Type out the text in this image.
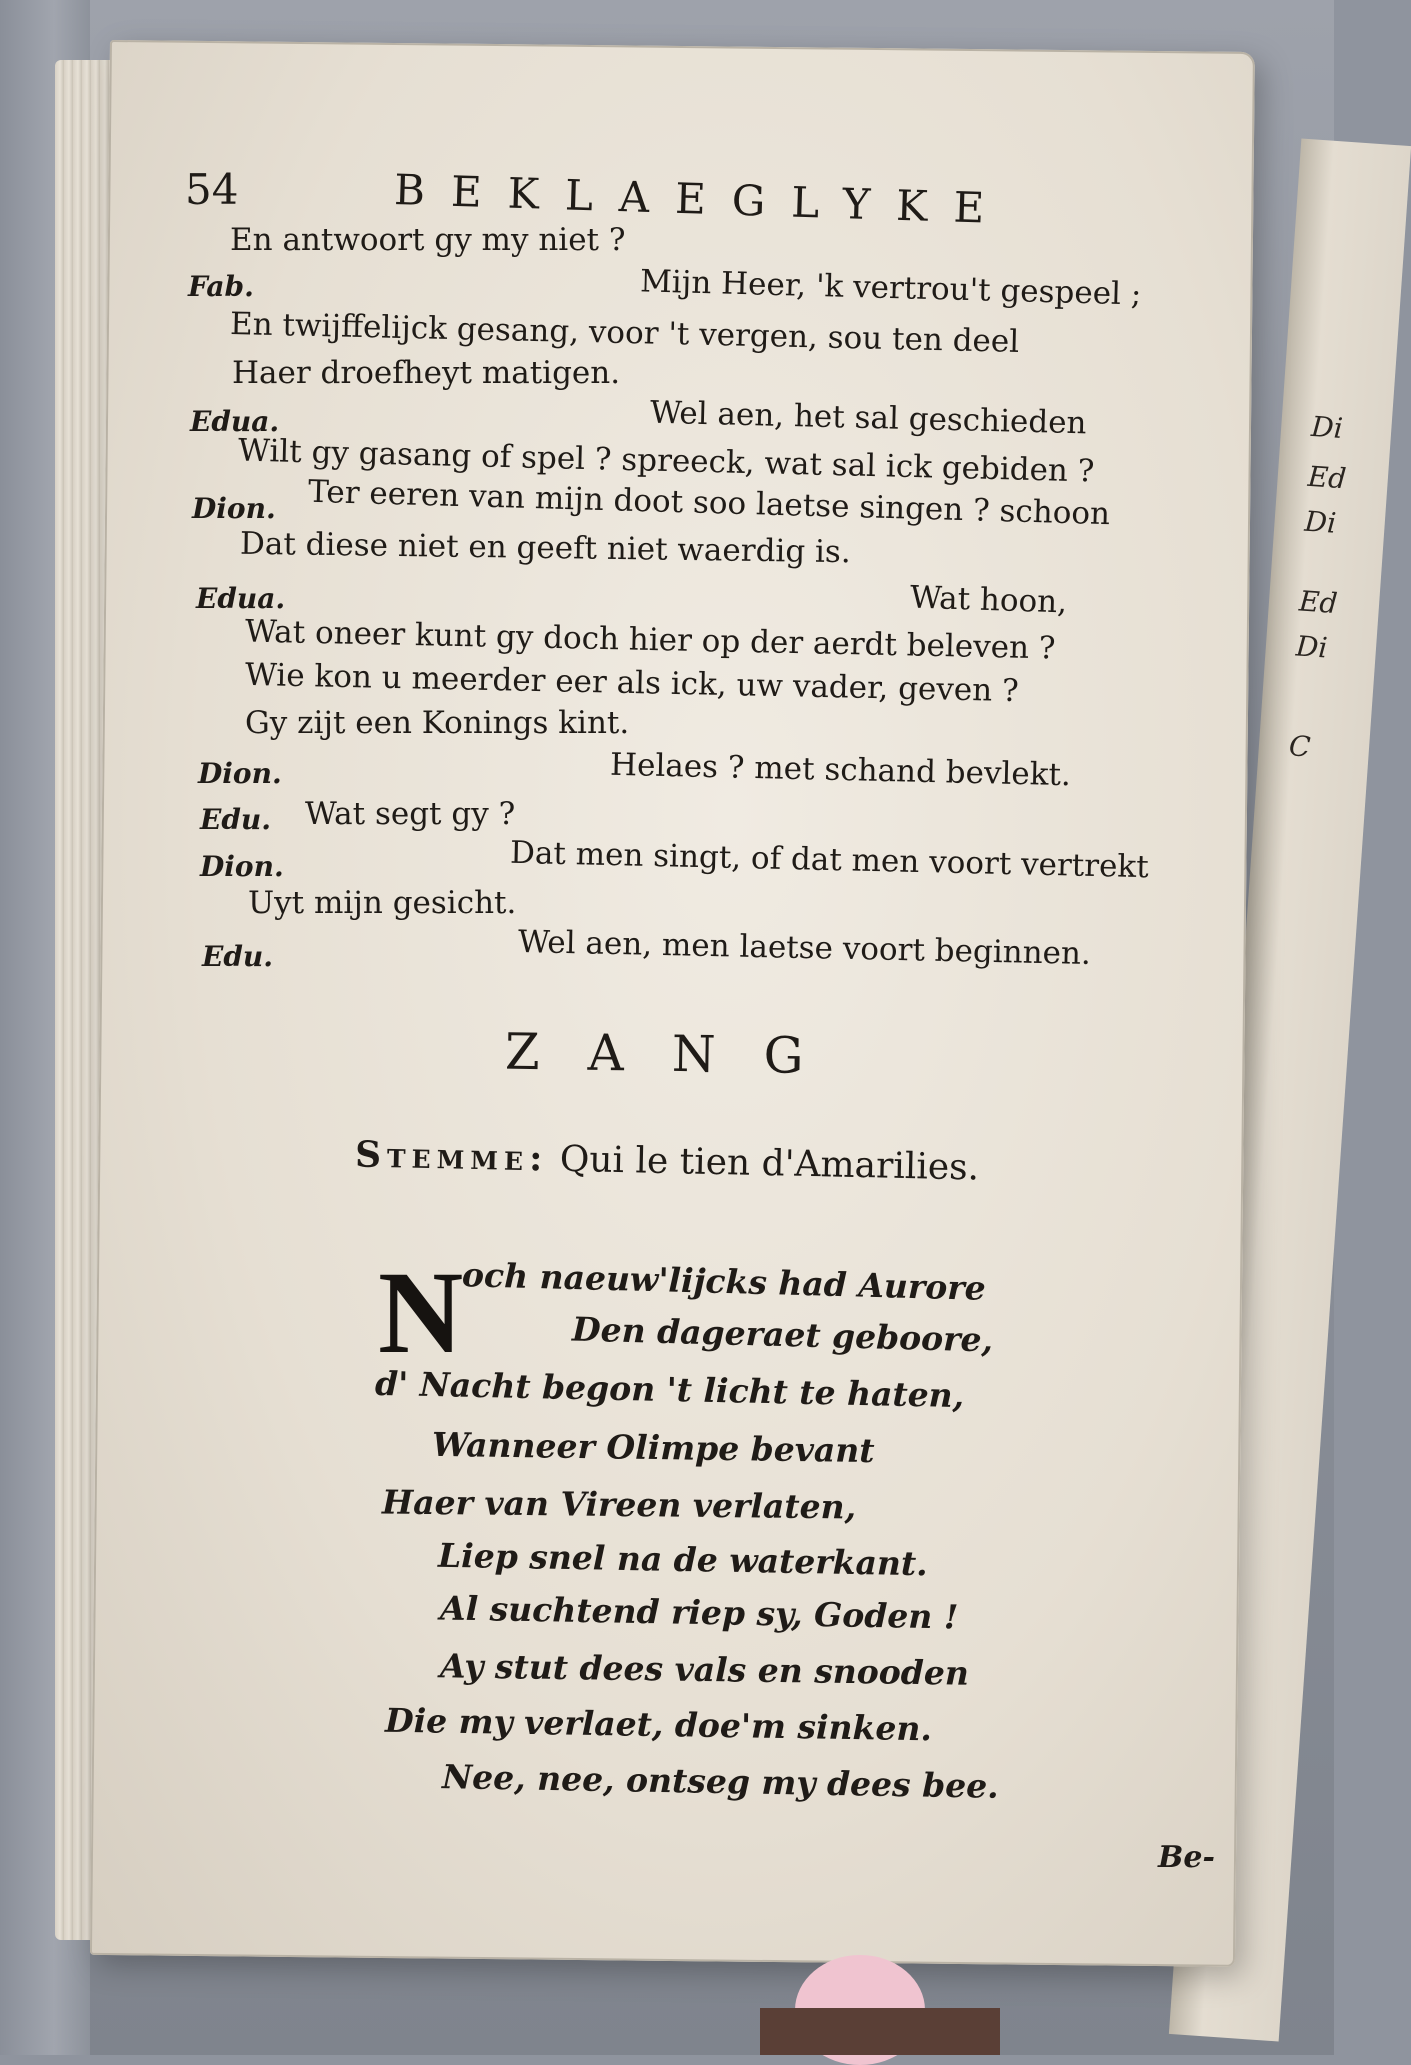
Di
Ed
Di
Ed
Di
C
54	BEKLAEGLYKE
En antwoort gy my niet ?
Fab.	Mijn Heer, 'k vertrou't gespeel ;
En twijffelijck gesang, voor 't vergen, sou ten deel
Haer droefheyt matigen.
Edua.	Wel aen, het sal geschieden
Wilt gy gasang of spel ? spreeck, wat sal ick gebiden ?
Dion. Ter eeren van mijn doot soo laetse singen ? schoon
Dat diese niet en geeft niet waerdig is.
Edua.	Wat hoon,
Wat oneer kunt gy doch hier op der aerdt beleven ?
Wie kon u meerder eer als ick, uw vader, geven ?
Gy zijt een Konings kint.
Dion.	Helaes ? met schand bevlekt.
Edu. Wat segt gy ?
Dion.	Dat men singt, of dat men voort vertrekt
Uyt mijn gesicht.
Edu.	Wel aen, men laetse voort beginnen.
ZANG
Stemme: Qui le tien d'Amarilies.
N
och naeuw'lijcks had Aurore
Den dageraet geboore,
d' Nacht begon 't licht te haten,
Wanneer Olimpe bevant
Haer van Vireen verlaten,
Liep snel na de waterkant.
Al suchtend riep sy, Goden !
Ay stut dees vals en snooden
Die my verlaet, doe'm sinken.
Nee, nee, ontseg my dees bee.
Be-
